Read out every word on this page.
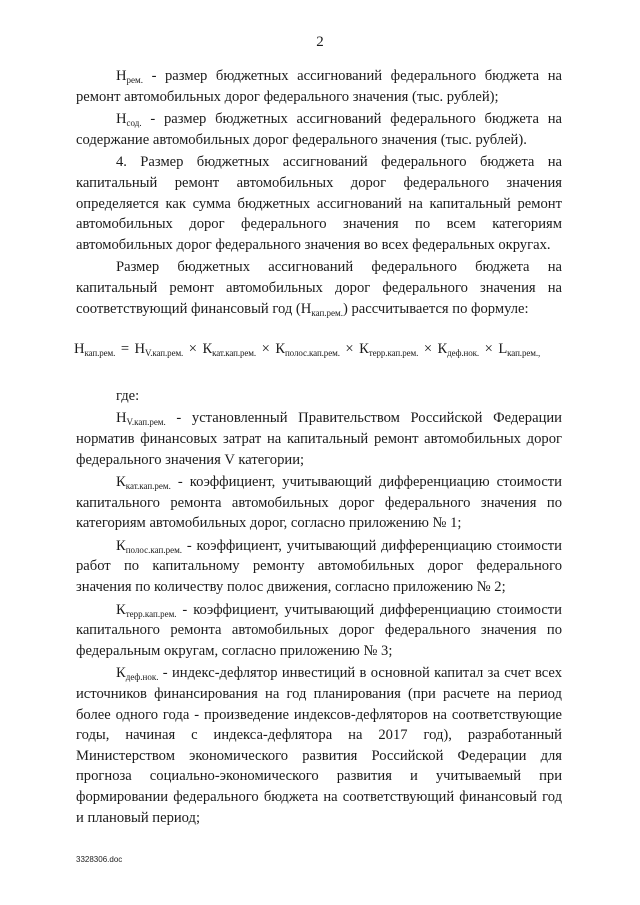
2

$Н_{рем.}$ - размер бюджетных ассигнований федерального бюджета на ремонт автомобильных дорог федерального значения (тыс. рублей);

$Н_{сод.}$ - размер бюджетных ассигнований федерального бюджета на содержание автомобильных дорог федерального значения (тыс. рублей).

4. Размер бюджетных ассигнований федерального бюджета на капитальный ремонт автомобильных дорог федерального значения определяется как сумма бюджетных ассигнований на капитальный ремонт автомобильных дорог федерального значения по всем категориям автомобильных дорог федерального значения во всех федеральных округах.

Размер бюджетных ассигнований федерального бюджета на капитальный ремонт автомобильных дорог федерального значения на соответствующий финансовый год $(Н_{кап.рем.})$ рассчитывается по формуле:

$Н_{кап.рем.} = Н_{V.кап.рем.} \times К_{кат.кап.рем.} \times К_{полос.кап.рем.} \times К_{терр.кап.рем.} \times К_{деф.нок.} \times L_{кап.рем.,}$

где:

$Н_{V.кап.рем.}$ - установленный Правительством Российской Федерации норматив финансовых затрат на капитальный ремонт автомобильных дорог федерального значения V категории;

$К_{кат.кап.рем.}$ - коэффициент, учитывающий дифференциацию стоимости капитального ремонта автомобильных дорог федерального значения по категориям автомобильных дорог, согласно приложению № 1;

$К_{полос.кап.рем.}$ - коэффициент, учитывающий дифференциацию стоимости работ по капитальному ремонту автомобильных дорог федерального значения по количеству полос движения, согласно приложению № 2;

$К_{терр.кап.рем.}$ - коэффициент, учитывающий дифференциацию стоимости капитального ремонта автомобильных дорог федерального значения по федеральным округам, согласно приложению № 3;

$К_{деф.нок.}$ - индекс-дефлятор инвестиций в основной капитал за счет всех источников финансирования на год планирования (при расчете на период более одного года - произведение индексов-дефляторов на соответствующие годы, начиная с индекса-дефлятора на 2017 год), разработанный Министерством экономического развития Российской Федерации для прогноза социально-экономического развития и учитываемый при формировании федерального бюджета на соответствующий финансовый год и плановый период;

3328306.doc
